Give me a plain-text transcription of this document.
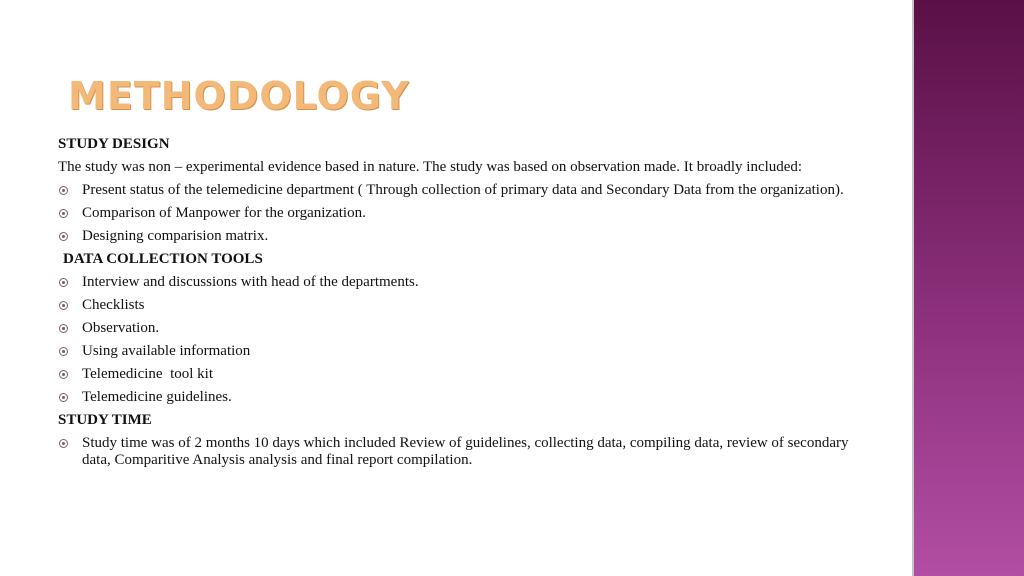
METHODOLOGY
STUDY DESIGN
The study was non – experimental evidence based in nature. The study was based on observation made. It broadly included:
Present status of the telemedicine department ( Through collection of primary data and Secondary Data from the organization).
Comparison of Manpower for the organization.
Designing comparision matrix.
DATA COLLECTION TOOLS
Interview and discussions with head of the departments.
Checklists
Observation.
Using available information
Telemedicine  tool kit
Telemedicine guidelines.
STUDY TIME
Study time was of 2 months 10 days which included Review of guidelines, collecting data, compiling data, review of secondary data, Comparitive Analysis analysis and final report compilation.
